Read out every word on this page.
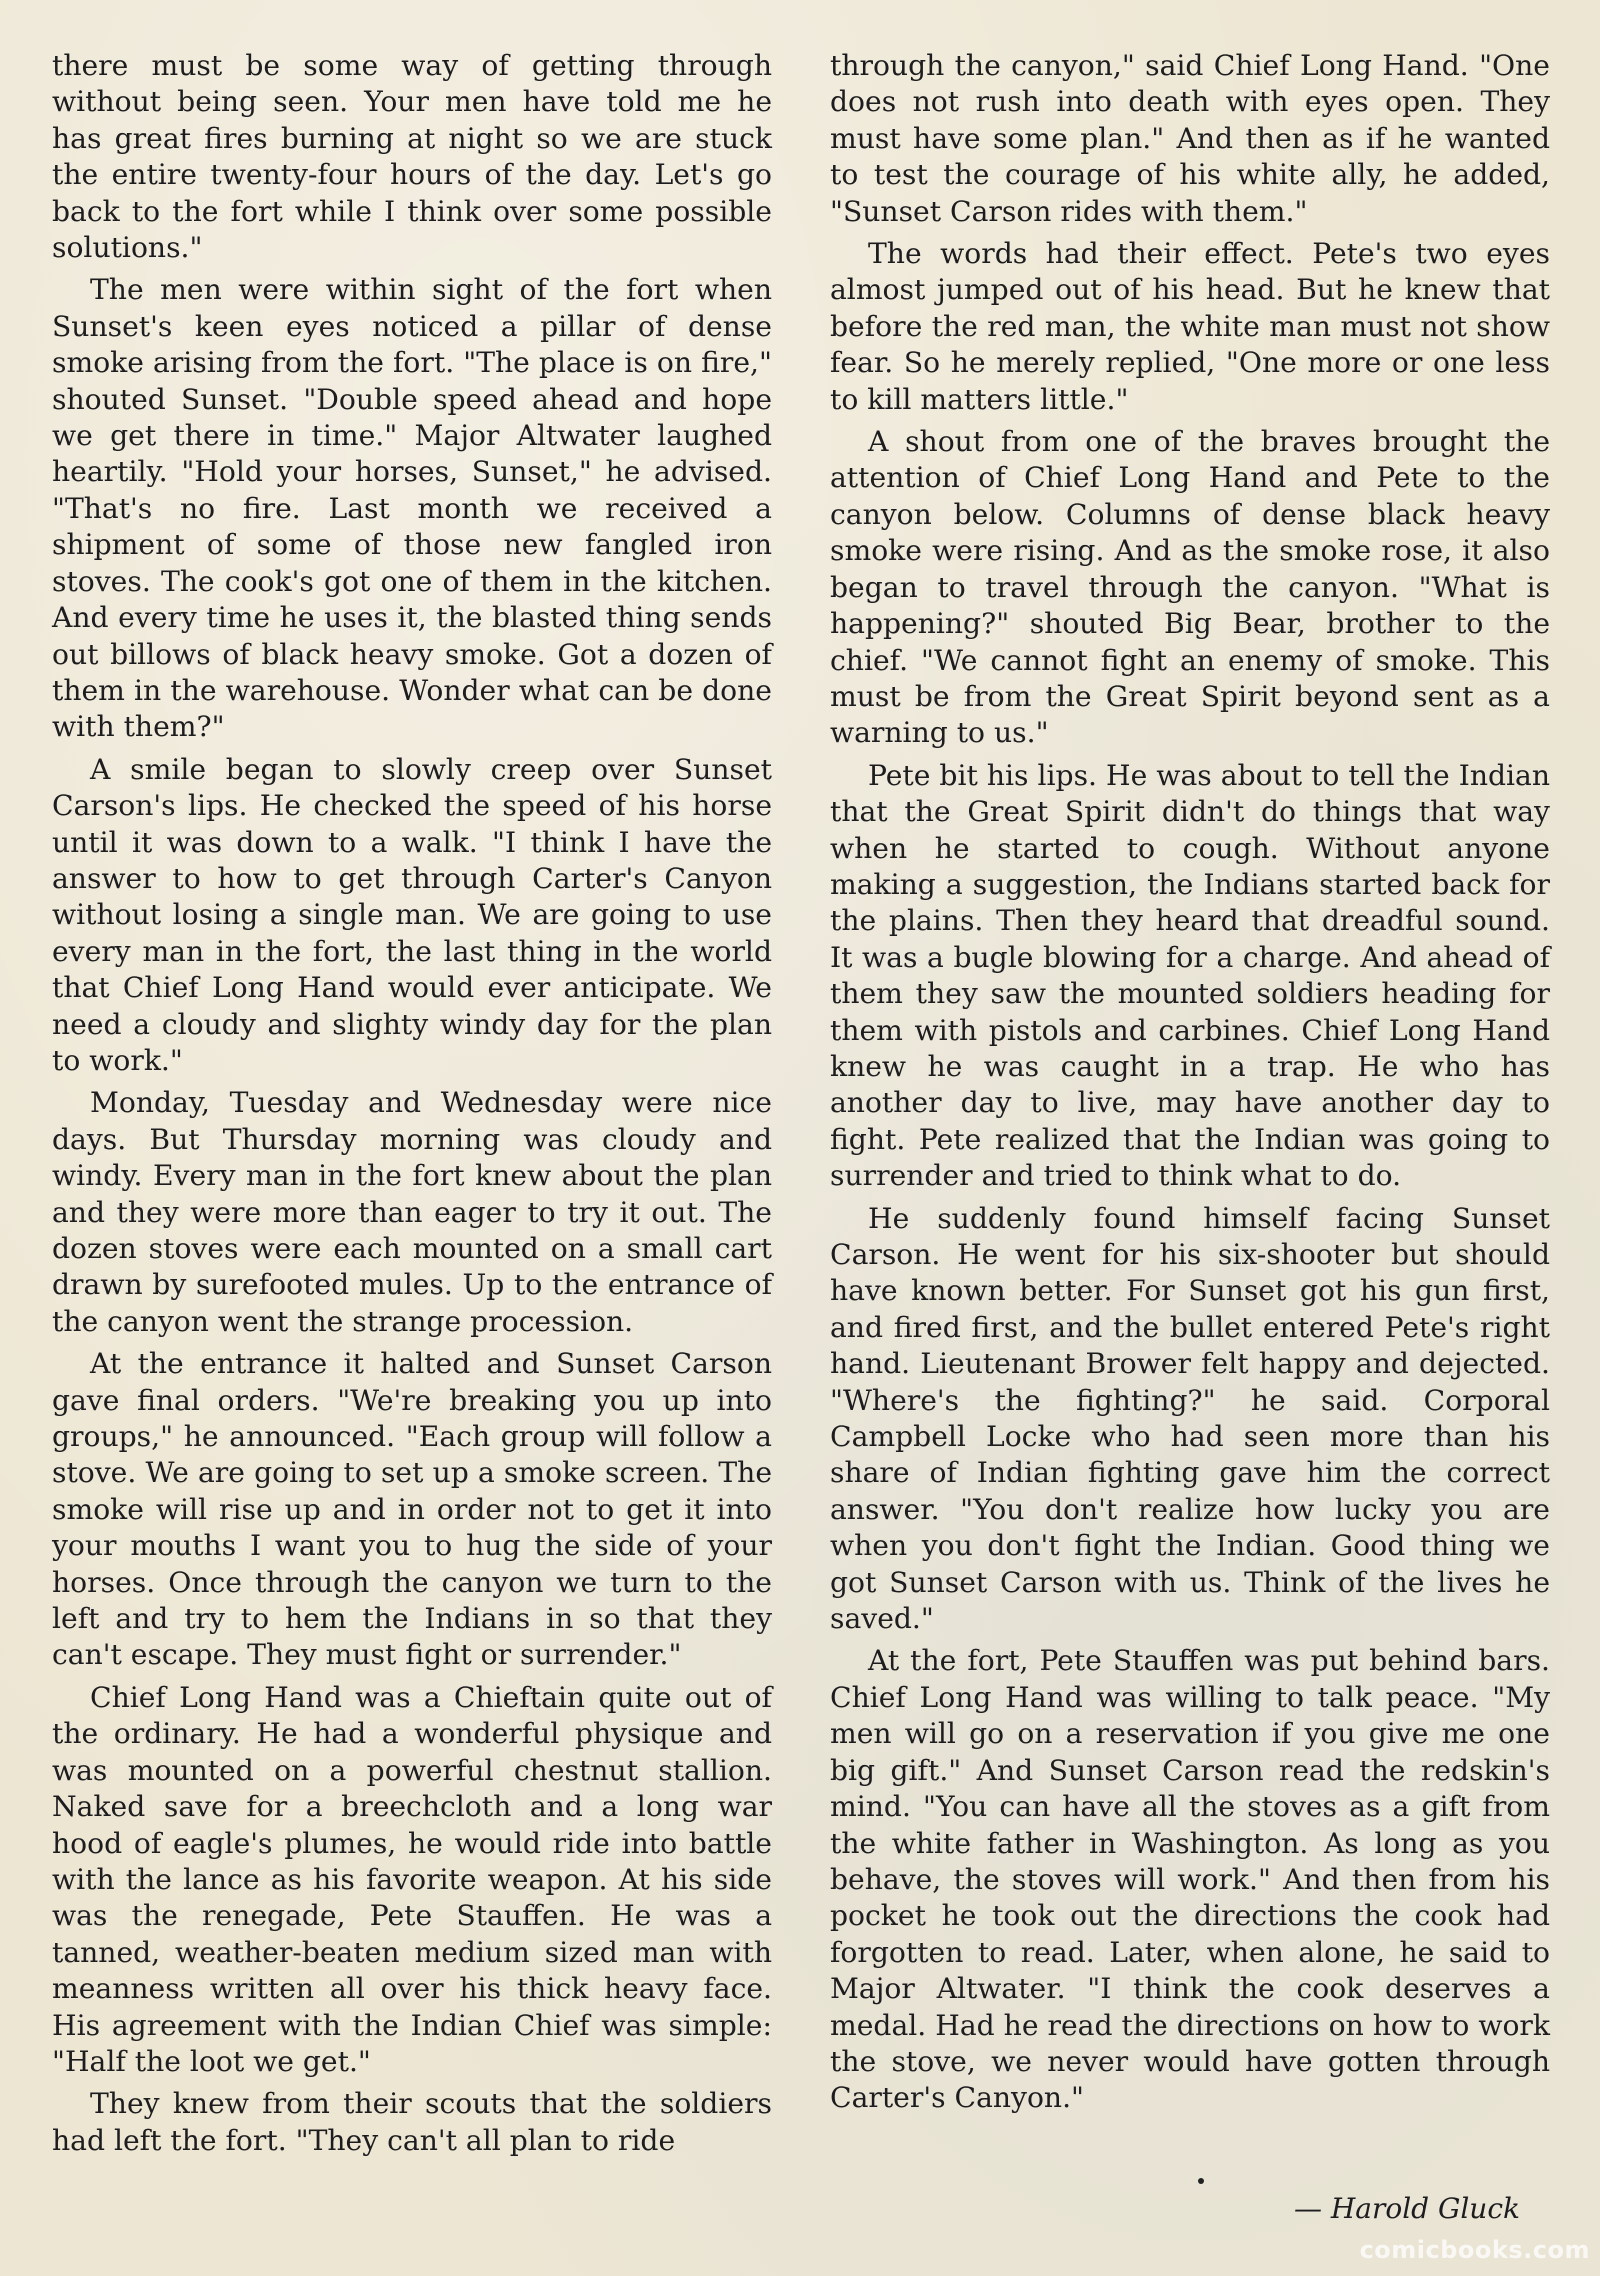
there must be some way of getting through without being seen. Your men have told me he has great fires burning at night so we are stuck the entire twenty-four hours of the day. Let's go back to the fort while I think over some possible solutions."

The men were within sight of the fort when Sunset's keen eyes noticed a pillar of dense smoke arising from the fort. "The place is on fire," shouted Sunset. "Double speed ahead and hope we get there in time." Major Altwater laughed heartily. "Hold your horses, Sunset," he advised. "That's no fire. Last month we received a shipment of some of those new fangled iron stoves. The cook's got one of them in the kitchen. And every time he uses it, the blasted thing sends out billows of black heavy smoke. Got a dozen of them in the warehouse. Wonder what can be done with them?"

A smile began to slowly creep over Sunset Carson's lips. He checked the speed of his horse until it was down to a walk. "I think I have the answer to how to get through Carter's Canyon without losing a single man. We are going to use every man in the fort, the last thing in the world that Chief Long Hand would ever anticipate. We need a cloudy and slighty windy day for the plan to work."

Monday, Tuesday and Wednesday were nice days. But Thursday morning was cloudy and windy. Every man in the fort knew about the plan and they were more than eager to try it out. The dozen stoves were each mounted on a small cart drawn by surefooted mules. Up to the entrance of the canyon went the strange procession.

At the entrance it halted and Sunset Carson gave final orders. "We're breaking you up into groups," he announced. "Each group will follow a stove. We are going to set up a smoke screen. The smoke will rise up and in order not to get it into your mouths I want you to hug the side of your horses. Once through the canyon we turn to the left and try to hem the Indians in so that they can't escape. They must fight or surrender."

Chief Long Hand was a Chieftain quite out of the ordinary. He had a wonderful physique and was mounted on a powerful chestnut stallion. Naked save for a breechcloth and a long war hood of eagle's plumes, he would ride into battle with the lance as his favorite weapon. At his side was the renegade, Pete Stauffen. He was a tanned, weather-beaten medium sized man with meanness written all over his thick heavy face. His agreement with the Indian Chief was simple: "Half the loot we get."

They knew from their scouts that the soldiers had left the fort. "They can't all plan to ride

through the canyon," said Chief Long Hand. "One does not rush into death with eyes open. They must have some plan." And then as if he wanted to test the courage of his white ally, he added, "Sunset Carson rides with them."

The words had their effect. Pete's two eyes almost jumped out of his head. But he knew that before the red man, the white man must not show fear. So he merely replied, "One more or one less to kill matters little."

A shout from one of the braves brought the attention of Chief Long Hand and Pete to the canyon below. Columns of dense black heavy smoke were rising. And as the smoke rose, it also began to travel through the canyon. "What is happening?" shouted Big Bear, brother to the chief. "We cannot fight an enemy of smoke. This must be from the Great Spirit beyond sent as a warning to us."

Pete bit his lips. He was about to tell the Indian that the Great Spirit didn't do things that way when he started to cough. Without anyone making a suggestion, the Indians started back for the plains. Then they heard that dreadful sound. It was a bugle blowing for a charge. And ahead of them they saw the mounted soldiers heading for them with pistols and carbines. Chief Long Hand knew he was caught in a trap. He who has another day to live, may have another day to fight. Pete realized that the Indian was going to surrender and tried to think what to do.

He suddenly found himself facing Sunset Carson. He went for his six-shooter but should have known better. For Sunset got his gun first, and fired first, and the bullet entered Pete's right hand. Lieutenant Brower felt happy and dejected. "Where's the fighting?" he said. Corporal Campbell Locke who had seen more than his share of Indian fighting gave him the correct answer. "You don't realize how lucky you are when you don't fight the Indian. Good thing we got Sunset Carson with us. Think of the lives he saved."

At the fort, Pete Stauffen was put behind bars. Chief Long Hand was willing to talk peace. "My men will go on a reservation if you give me one big gift." And Sunset Carson read the redskin's mind. "You can have all the stoves as a gift from the white father in Washington. As long as you behave, the stoves will work." And then from his pocket he took out the directions the cook had forgotten to read. Later, when alone, he said to Major Altwater. "I think the cook deserves a medal. Had he read the directions on how to work the stove, we never would have gotten through Carter's Canyon."

— Harold Gluck
comicbooks.com
